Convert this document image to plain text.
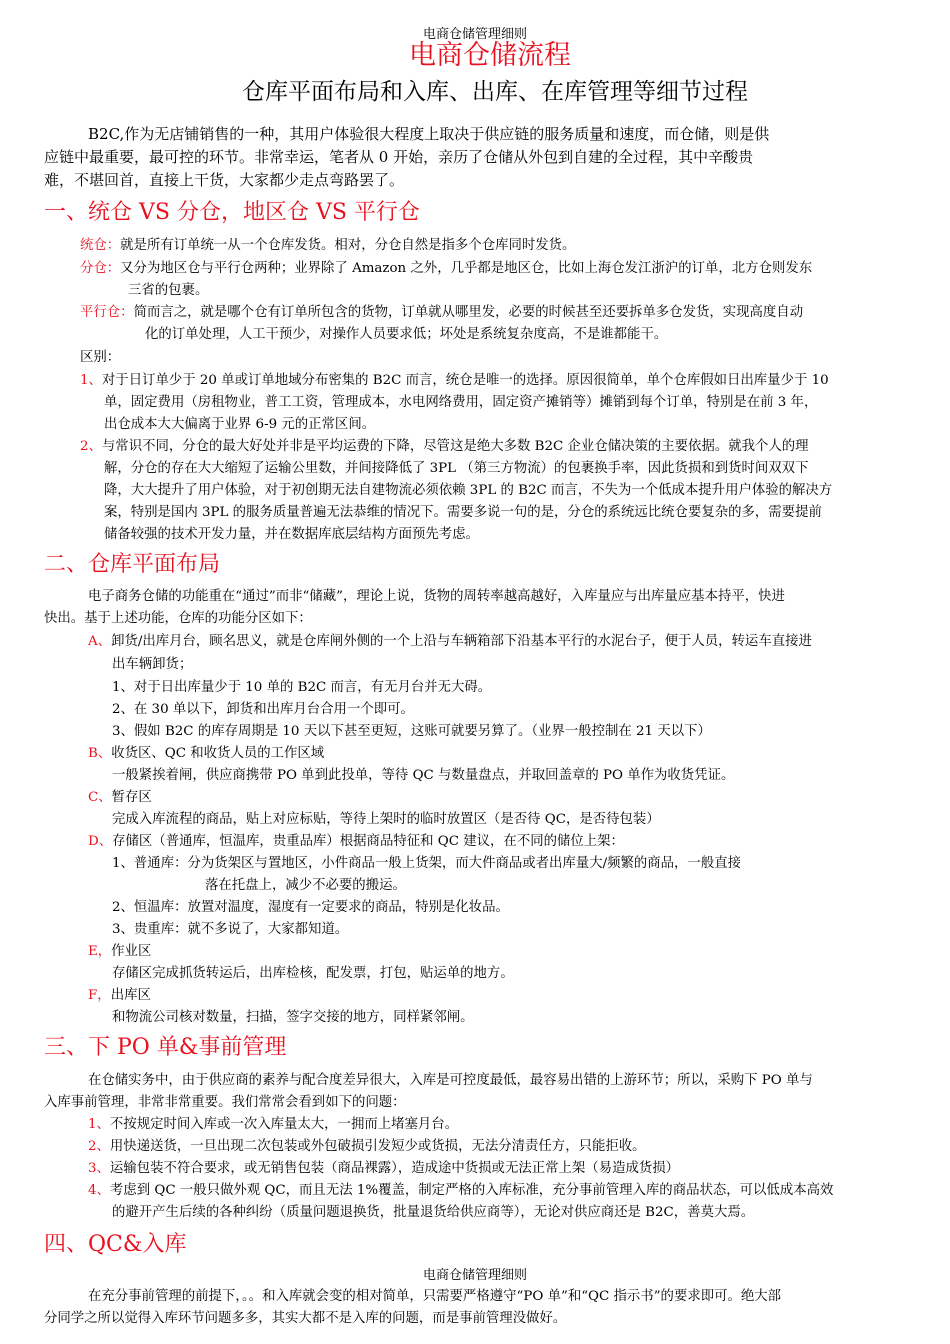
电商仓储管理细则
电商仓储流程
仓库平面布局和入库、出库、在库管理等细节过程
B2C,作为无店铺销售的一种，其用户体验很大程度上取决于供应链的服务质量和速度，而仓储，则是供
应链中最重要，最可控的环节。非常幸运，笔者从 0 开始，亲历了仓储从外包到自建的全过程，其中辛酸贵
难，不堪回首，直接上干货，大家都少走点弯路罢了。
一、统仓 VS 分仓，地区仓 VS 平行仓
统仓：就是所有订单统一从一个仓库发货。相对，分仓自然是指多个仓库同时发货。
分仓：又分为地区仓与平行仓两种；业界除了 Amazon 之外，几乎都是地区仓，比如上海仓发江浙沪的订单，北方仓则发东
三省的包裹。
平行仓：简而言之，就是哪个仓有订单所包含的货物，订单就从哪里发，必要的时候甚至还要拆单多仓发货，实现高度自动
化的订单处理，人工干预少，对操作人员要求低；坏处是系统复杂度高，不是谁都能干。
区别：
1、对于日订单少于 20 单或订单地域分布密集的 B2C 而言，统仓是唯一的选择。原因很简单，单个仓库假如日出库量少于 10
单，固定费用（房租物业，普工工资，管理成本，水电网络费用，固定资产摊销等）摊销到每个订单，特别是在前 3 年，
出仓成本大大偏离于业界 6-9 元的正常区间。
2、与常识不同，分仓的最大好处并非是平均运费的下降，尽管这是绝大多数 B2C 企业仓储决策的主要依据。就我个人的理
解，分仓的存在大大缩短了运输公里数，并间接降低了 3PL （第三方物流）的包裹换手率，因此货损和到货时间双双下
降，大大提升了用户体验，对于初创期无法自建物流必须依赖 3PL 的 B2C 而言，不失为一个低成本提升用户体验的解决方
案，特别是国内 3PL 的服务质量普遍无法恭维的情况下。需要多说一句的是，分仓的系统远比统仓要复杂的多，需要提前
储备较强的技术开发力量，并在数据库底层结构方面预先考虑。
二、仓库平面布局
电子商务仓储的功能重在“通过”而非“储藏”，理论上说，货物的周转率越高越好，入库量应与出库量应基本持平，快进
快出。基于上述功能，仓库的功能分区如下：
A、卸货/出库月台，顾名思义，就是仓库闸外侧的一个上沿与车辆箱部下沿基本平行的水泥台子，便于人员，转运车直接进
出车辆卸货；
1、对于日出库量少于 10 单的 B2C 而言，有无月台并无大碍。
2、在 30 单以下，卸货和出库月台合用一个即可。
3、假如 B2C 的库存周期是 10 天以下甚至更短，这账可就要另算了。（业界一般控制在 21 天以下）
B、收货区、QC 和收货人员的工作区域
一般紧挨着闸，供应商携带 PO 单到此投单，等待 QC 与数量盘点，并取回盖章的 PO 单作为收货凭证。
C、暂存区
完成入库流程的商品，贴上对应标贴，等待上架时的临时放置区（是否待 QC，是否待包装）
D、存储区（普通库，恒温库，贵重品库）根据商品特征和 QC 建议，在不同的储位上架：
1、普通库：分为货架区与置地区，小件商品一般上货架，而大件商品或者出库量大/频繁的商品，一般直接
落在托盘上，减少不必要的搬运。
2、恒温库：放置对温度，湿度有一定要求的商品，特别是化妆品。
3、贵重库：就不多说了，大家都知道。
E，作业区
存储区完成抓货转运后，出库检核，配发票，打包，贴运单的地方。
F，出库区
和物流公司核对数量，扫描，签字交接的地方，同样紧邻闸。
三、下 PO 单&事前管理
在仓储实务中，由于供应商的素养与配合度差异很大，入库是可控度最低，最容易出错的上游环节；所以，采购下 PO 单与
入库事前管理，非常非常重要。我们常常会看到如下的问题：
1、不按规定时间入库或一次入库量太大，一拥而上堵塞月台。
2、用快递送货，一旦出现二次包装或外包破损引发短少或货损，无法分清责任方，只能拒收。
3、运输包装不符合要求，或无销售包装（商品裸露），造成途中货损或无法正常上架（易造成货损）
4、考虑到 QC 一般只做外观 QC，而且无法 1%覆盖，制定严格的入库标准，充分事前管理入库的商品状态，可以低成本高效
的避开产生后续的各种纠纷（质量问题退换货，批量退货给供应商等），无论对供应商还是 B2C，善莫大焉。
四、QC&入库
电商仓储管理细则
在充分事前管理的前提下，。。和入库就会变的相对简单，只需要严格遵守“PO 单”和“QC 指示书”的要求即可。绝大部
分同学之所以觉得入库环节问题多多，其实大都不是入库的问题，而是事前管理没做好。
